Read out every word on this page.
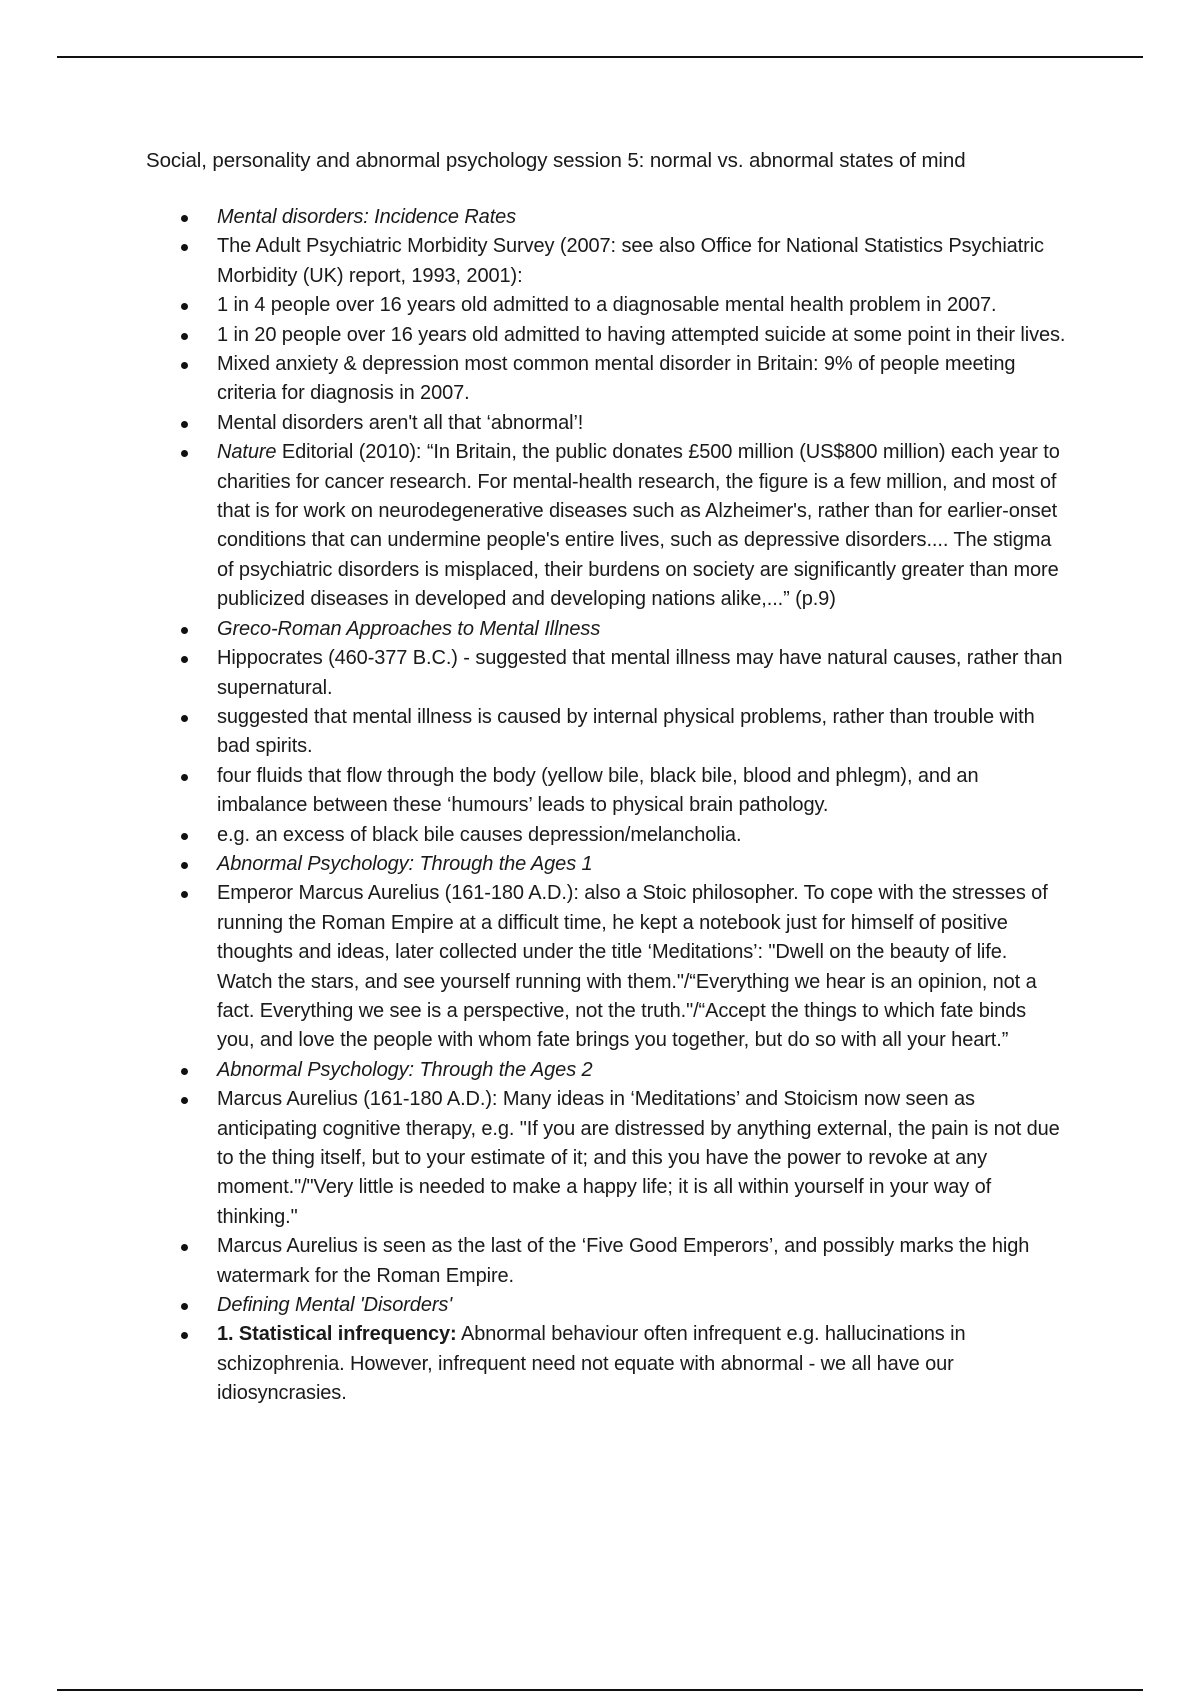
Social, personality and abnormal psychology session 5: normal vs. abnormal states of mind
Mental disorders: Incidence Rates
The Adult Psychiatric Morbidity Survey (2007: see also Office for National Statistics Psychiatric Morbidity (UK) report, 1993, 2001):
1 in 4 people over 16 years old admitted to a diagnosable mental health problem in 2007.
1 in 20 people over 16 years old admitted to having attempted suicide at some point in their lives.
Mixed anxiety & depression most common mental disorder in Britain: 9% of people meeting criteria for diagnosis in 2007.
Mental disorders aren't all that ‘abnormal’!
Nature Editorial (2010): “In Britain, the public donates £500 million (US$800 million) each year to charities for cancer research. For mental-health research, the figure is a few million, and most of that is for work on neurodegenerative diseases such as Alzheimer's, rather than for earlier-onset conditions that can undermine people's entire lives, such as depressive disorders.... The stigma of psychiatric disorders is misplaced, their burdens on society are significantly greater than more publicized diseases in developed and developing nations alike,...” (p.9)
Greco-Roman Approaches to Mental Illness
Hippocrates (460-377 B.C.) - suggested that mental illness may have natural causes, rather than supernatural.
suggested that mental illness is caused by internal physical problems, rather than trouble with bad spirits.
four fluids that flow through the body (yellow bile, black bile, blood and phlegm), and an imbalance between these ‘humours’ leads to physical brain pathology.
e.g. an excess of black bile causes depression/melancholia.
Abnormal Psychology: Through the Ages 1
Emperor Marcus Aurelius (161-180 A.D.): also a Stoic philosopher. To cope with the stresses of running the Roman Empire at a difficult time, he kept a notebook just for himself of positive thoughts and ideas, later collected under the title ‘Meditations’: "Dwell on the beauty of life. Watch the stars, and see yourself running with them."/“Everything we hear is an opinion, not a fact. Everything we see is a perspective, not the truth."/“Accept the things to which fate binds you, and love the people with whom fate brings you together, but do so with all your heart.”
Abnormal Psychology: Through the Ages 2
Marcus Aurelius (161-180 A.D.): Many ideas in ‘Meditations’ and Stoicism now seen as anticipating cognitive therapy, e.g. "If you are distressed by anything external, the pain is not due to the thing itself, but to your estimate of it; and this you have the power to revoke at any moment."/"Very little is needed to make a happy life; it is all within yourself in your way of thinking."
Marcus Aurelius is seen as the last of the ‘Five Good Emperors’, and possibly marks the high watermark for the Roman Empire.
Defining Mental 'Disorders'
1. Statistical infrequency: Abnormal behaviour often infrequent e.g. hallucinations in schizophrenia. However, infrequent need not equate with abnormal - we all have our idiosyncrasies.
